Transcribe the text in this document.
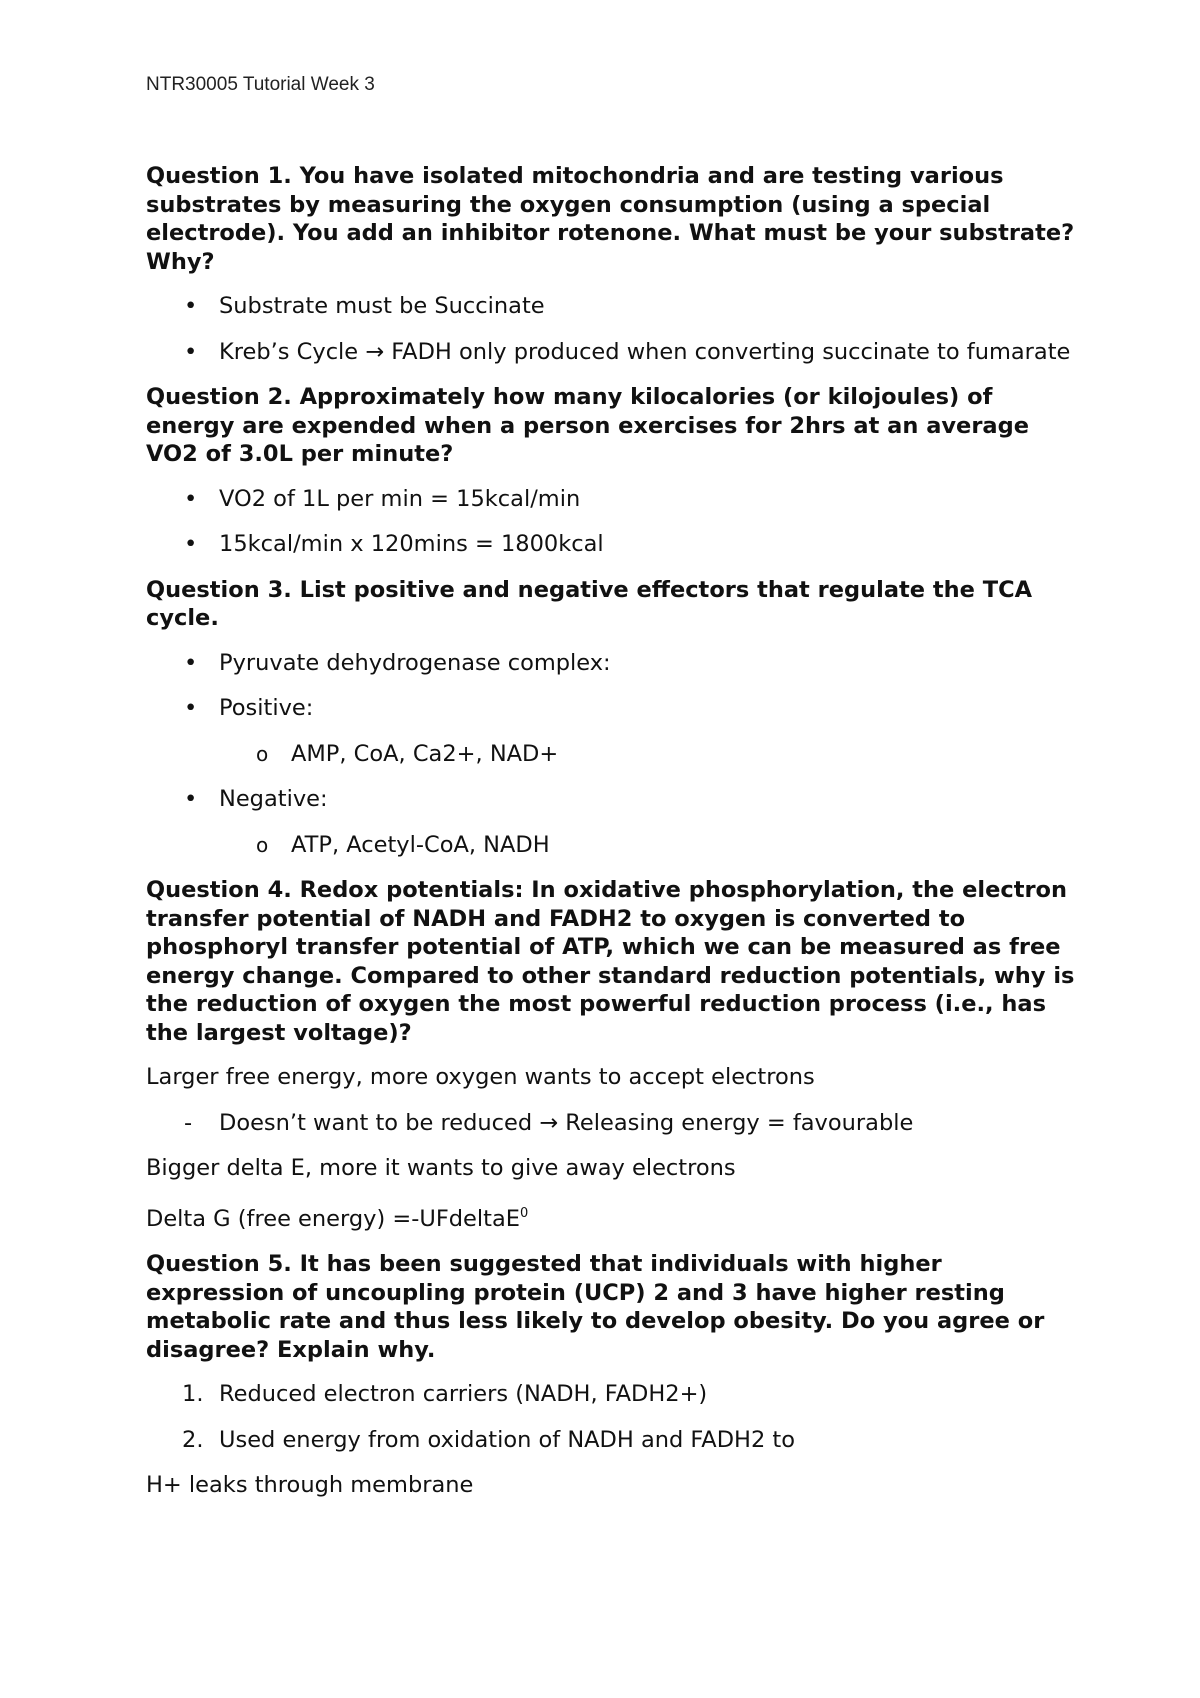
NTR30005 Tutorial Week 3
Question 1. You have isolated mitochondria and are testing various substrates by measuring the oxygen consumption (using a special electrode). You add an inhibitor rotenone. What must be your substrate? Why?
• Substrate must be Succinate
• Kreb’s Cycle → FADH only produced when converting succinate to fumarate
Question 2. Approximately how many kilocalories (or kilojoules) of energy are expended when a person exercises for 2hrs at an average VO2 of 3.0L per minute?
• VO2 of 1L per min = 15kcal/min
• 15kcal/min x 120mins = 1800kcal
Question 3. List positive and negative effectors that regulate the TCA cycle.
• Pyruvate dehydrogenase complex:
• Positive:
o AMP, CoA, Ca2+, NAD+
• Negative:
o ATP, Acetyl-CoA, NADH
Question 4. Redox potentials: In oxidative phosphorylation, the electron transfer potential of NADH and FADH2 to oxygen is converted to phosphoryl transfer potential of ATP, which we can be measured as free energy change. Compared to other standard reduction potentials, why is the reduction of oxygen the most powerful reduction process (i.e., has the largest voltage)?
Larger free energy, more oxygen wants to accept electrons
- Doesn’t want to be reduced → Releasing energy = favourable
Bigger delta E, more it wants to give away electrons
Delta G (free energy) =-UFdeltaE$^0$
Question 5. It has been suggested that individuals with higher expression of uncoupling protein (UCP) 2 and 3 have higher resting metabolic rate and thus less likely to develop obesity. Do you agree or disagree? Explain why.
1. Reduced electron carriers (NADH, FADH2+)
2. Used energy from oxidation of NADH and FADH2 to
H+ leaks through membrane
